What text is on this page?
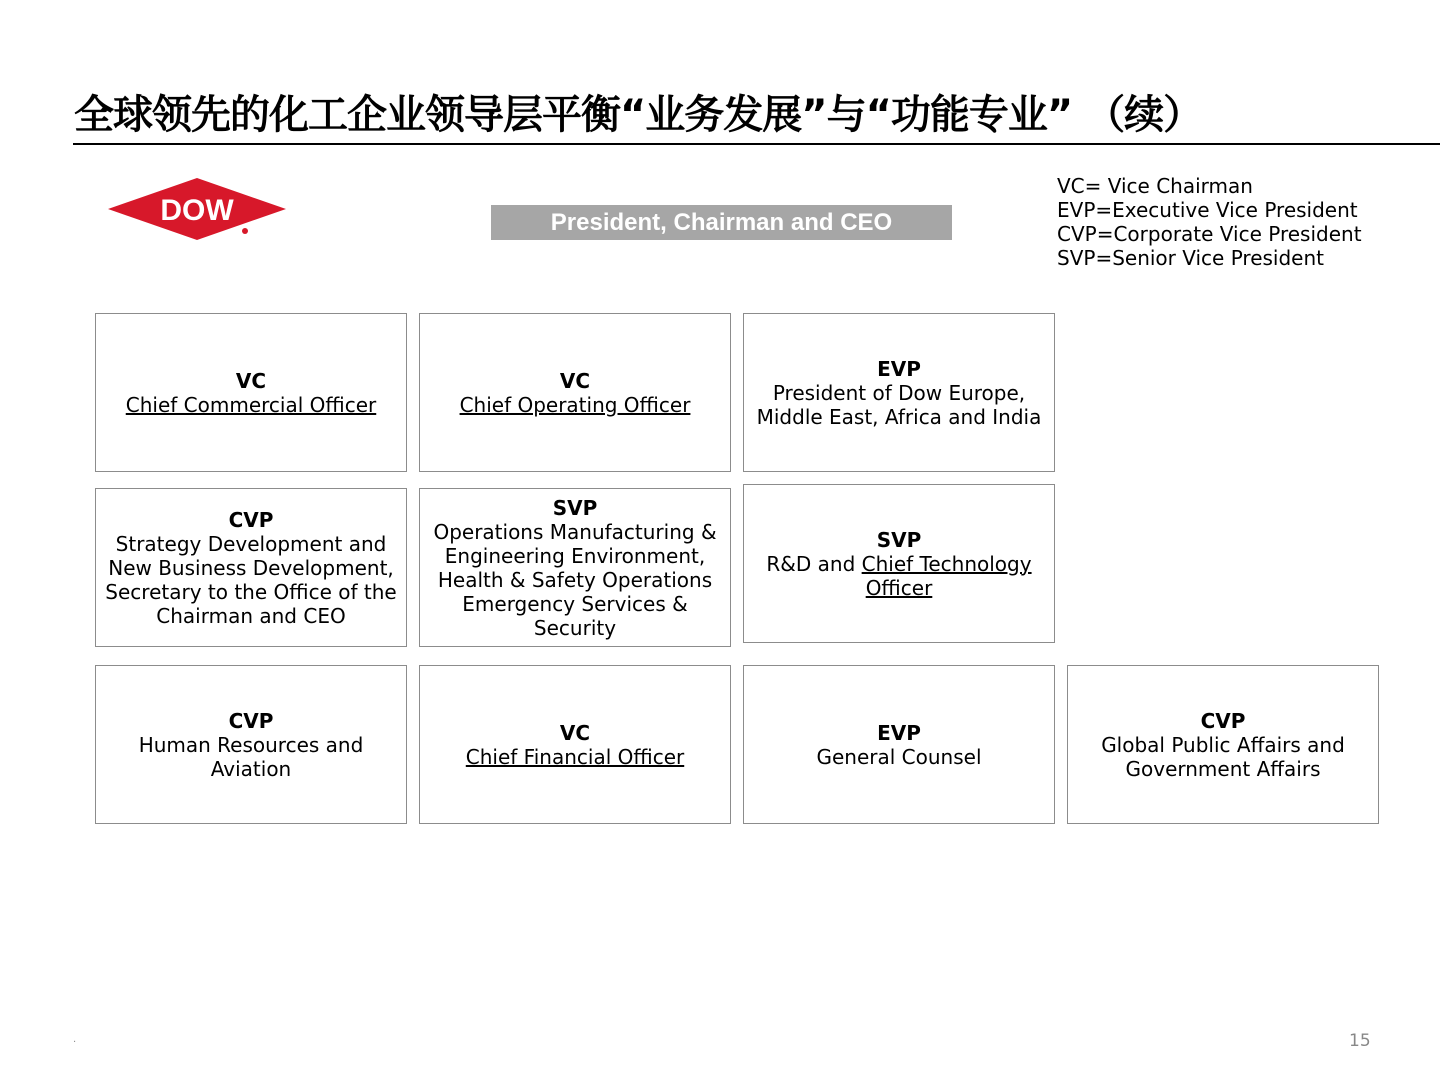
全球领先的化工企业领导层平衡“业务发展”与“功能专业” （续）
DOW	President, Chairman and CEO
VC= Vice Chairman
EVP=Executive Vice President
CVP=Corporate Vice President
SVP=Senior Vice President
VC
Chief Commercial Officer
VC
Chief Operating Officer
EVP
President of Dow Europe,
Middle East, Africa and India
CVP
Strategy Development and
New Business Development,
Secretary to the Office of the
Chairman and CEO
SVP
Operations Manufacturing &
Engineering Environment,
Health & Safety Operations
Emergency Services & Security
SVP
R&D and Chief Technology
Officer
CVP
Human Resources and Aviation
VC
Chief Financial Officer
EVP
General Counsel
CVP
Global Public Affairs and
Government Affairs
.	15
